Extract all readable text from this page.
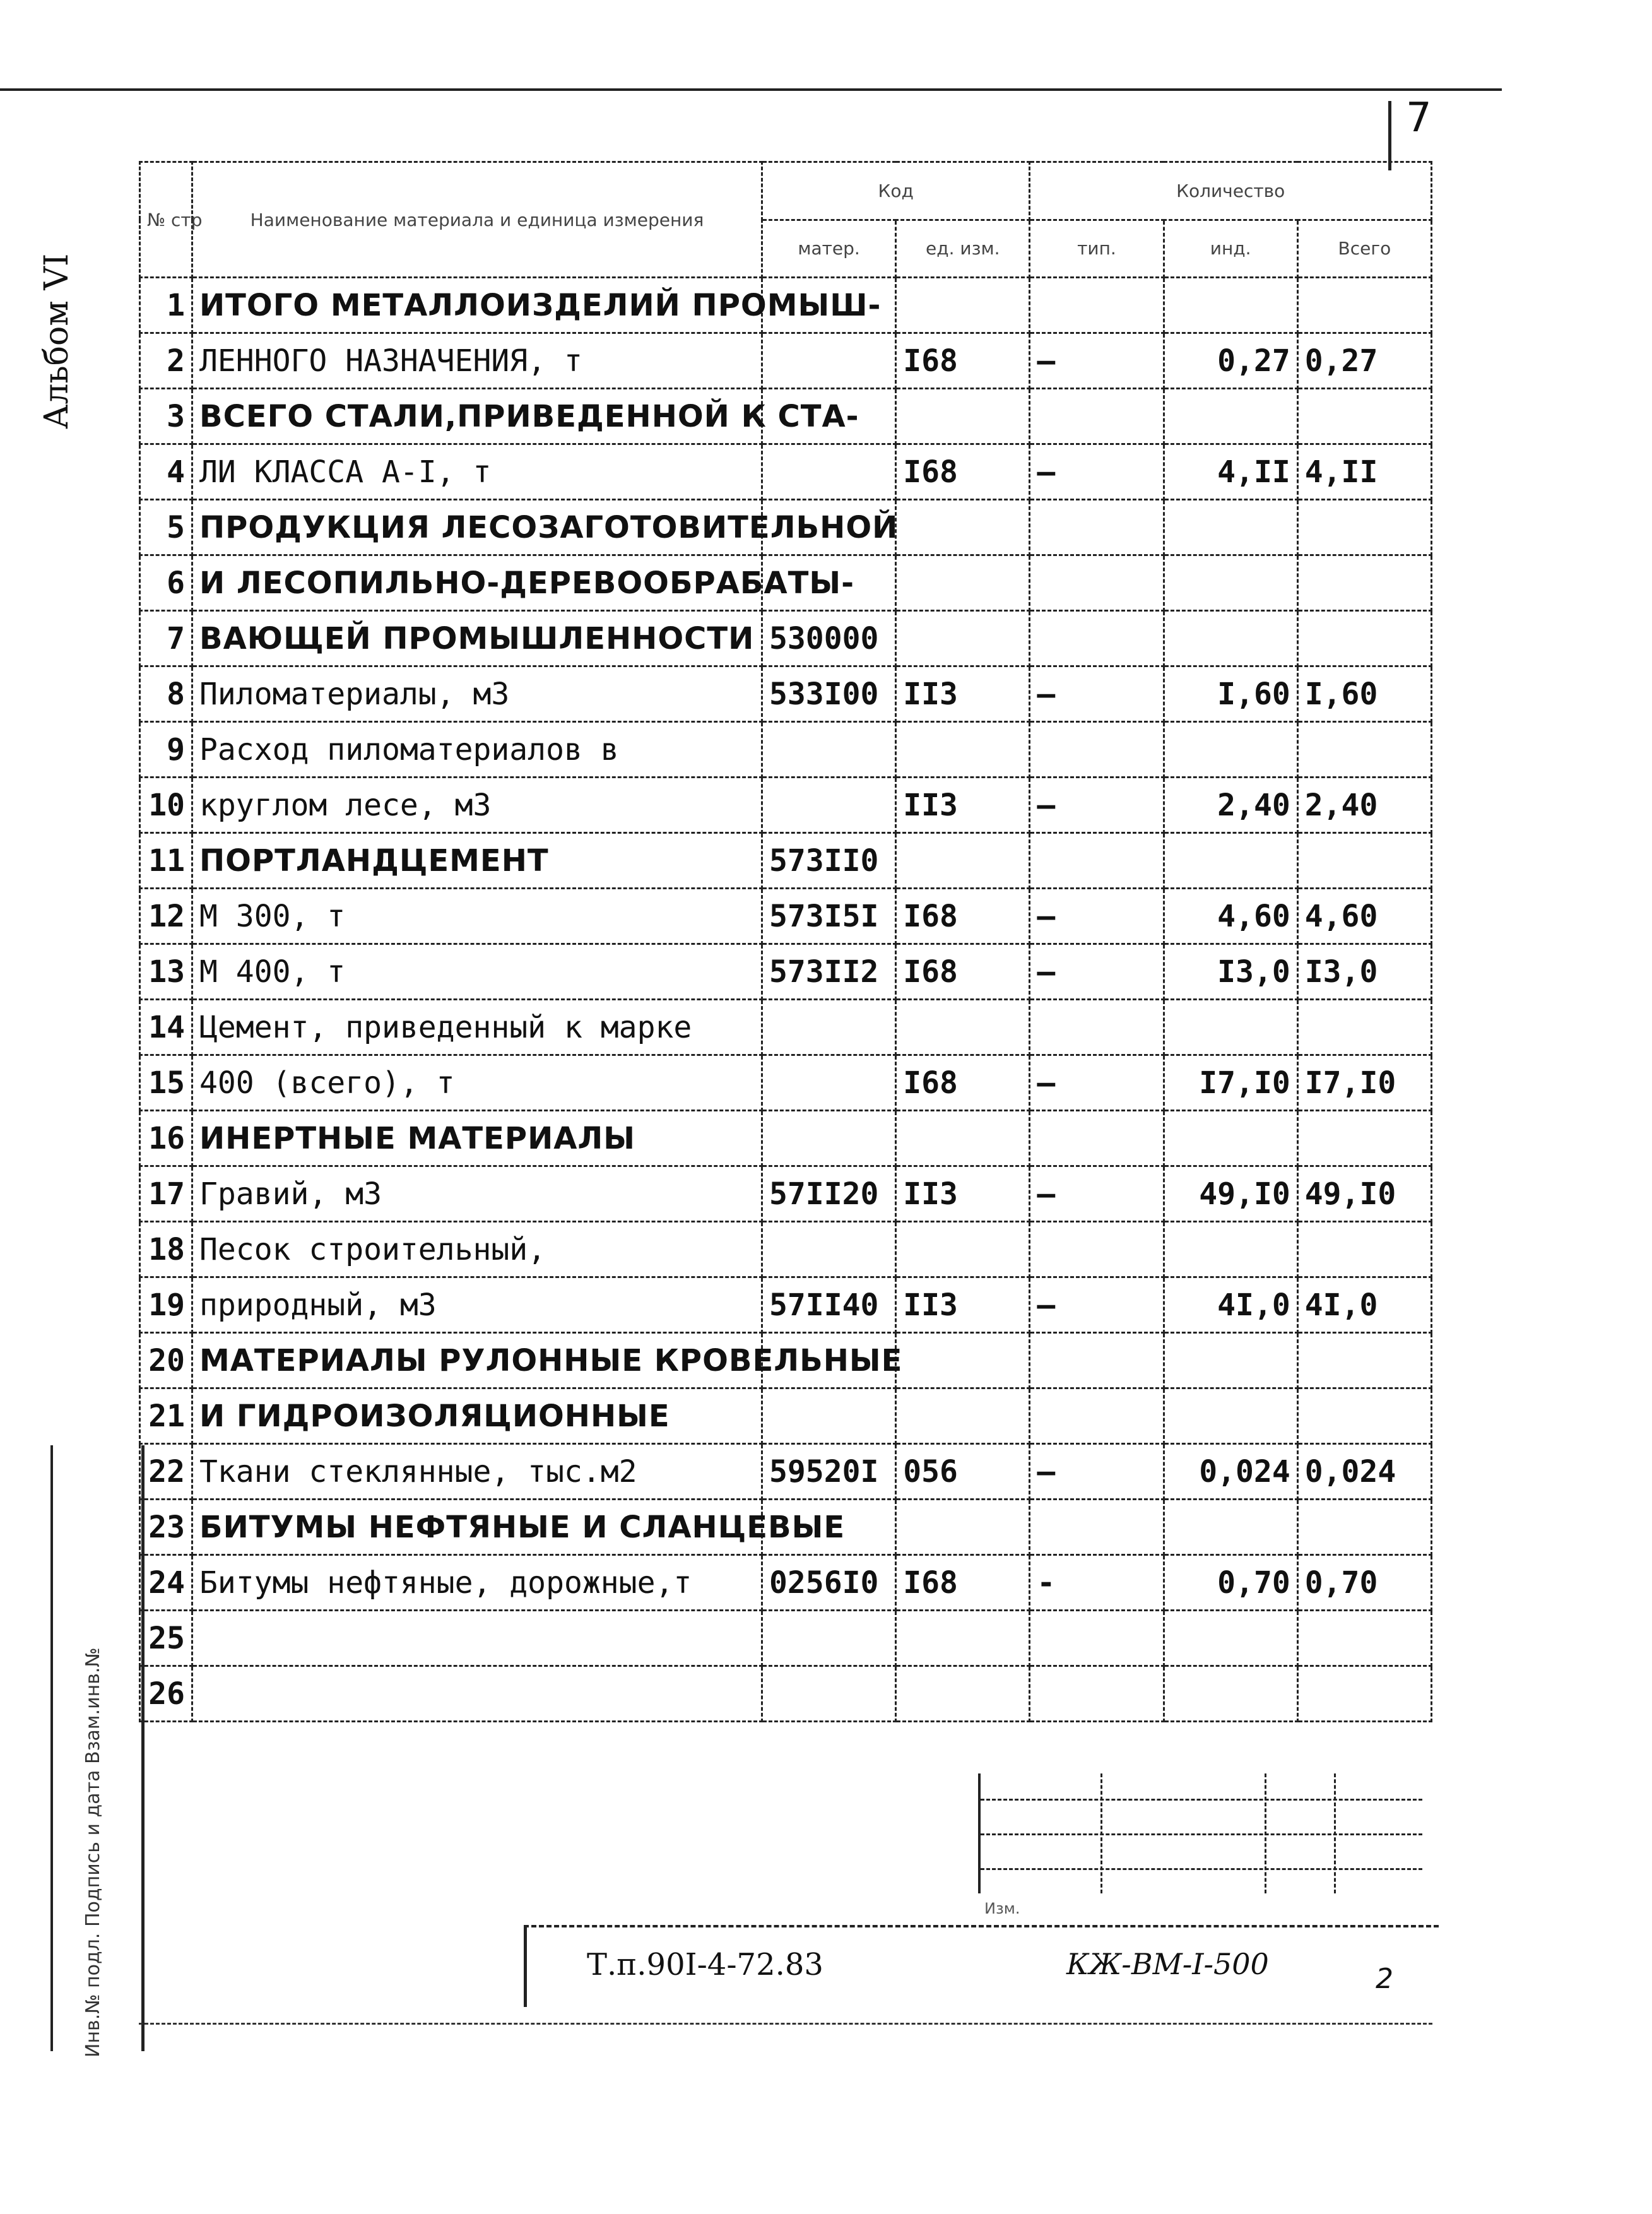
7
Альбом VI
Инв.№ подл. Подпись и дата Взам.инв.№
№ стр	Наименование материала и единица измерения	Код		Количество		
		матер.	ед. изм.	тип.	инд.	Всего
1	ИТОГО МЕТАЛЛОИЗДЕЛИЙ ПРОМЫШ-					
2	ЛЕННОГО НАЗНАЧЕНИЯ, т		I68	–	0,27	0,27
3	ВСЕГО СТАЛИ,ПРИВЕДЕННОЙ К СТА-					
4	ЛИ КЛАССА А-I, т		I68	–	4,II	4,II
5	ПРОДУКЦИЯ ЛЕСОЗАГОТОВИТЕЛЬНОЙ					
6	И ЛЕСОПИЛЬНО-ДЕРЕВООБРАБАТЫ-					
7	ВАЮЩЕЙ ПРОМЫШЛЕННОСТИ	530000				
8	Пиломатериалы, м3	533I00	II3	–	I,60	I,60
9	Расход пиломатериалов в					
10	круглом лесе, м3		II3	–	2,40	2,40
11	ПОРТЛАНДЦЕМЕНТ	573II0				
12	М 300, т	573I5I	I68	–	4,60	4,60
13	М 400, т	573II2	I68	–	I3,0	I3,0
14	Цемент, приведенный к марке					
15	400 (всего), т		I68	–	I7,I0	I7,I0
16	ИНЕРТНЫЕ МАТЕРИАЛЫ					
17	Гравий, м3	57II20	II3	–	49,I0	49,I0
18	Песок строительный,					
19	природный, м3	57II40	II3	–	4I,0	4I,0
20	МАТЕРИАЛЫ РУЛОННЫЕ КРОВЕЛЬНЫЕ					
21	И ГИДРОИЗОЛЯЦИОННЫЕ					
22	Ткани стеклянные, тыс.м2	59520I	056	–	0,024	0,024
23	БИТУМЫ НЕФТЯНЫЕ И СЛАНЦЕВЫЕ					
24	Битумы нефтяные, дорожные,т	0256I0	I68	-	0,70	0,70
25						
26						
Изм.
Т.п.90I-4-72.83	КЖ-ВМ-I-500	2
